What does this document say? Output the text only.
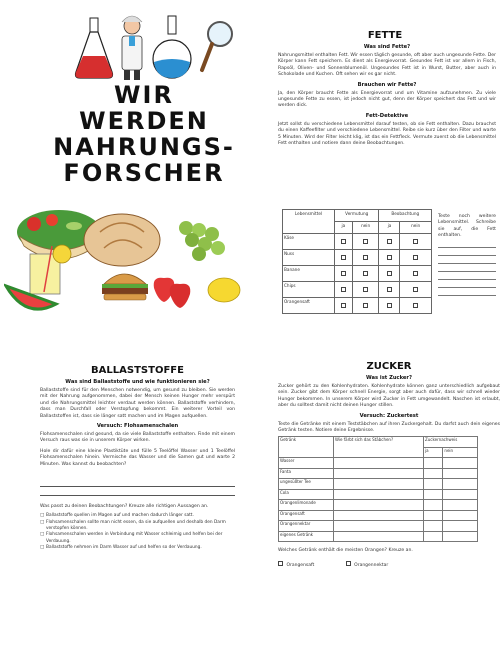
WIR
WERDEN
NAHRUNGS-
FORSCHER
FETTE
Was sind Fette?
Nahrungsmittel enthalten Fett. Wir essen täglich gesunde, oft aber auch ungesunde Fette. Der Körper kann Fett speichern. Es dient als Energievorrat. Gesundes Fett ist vor allem in Fisch, Rapsöl, Oliven- und Sonnenblumenöl. Ungesundes Fett ist in Wurst, Butter, aber auch in Schokolade und Kuchen. Oft sehen wir es gar nicht.
Brauchen wir Fette?
Ja, den Körper braucht Fette als Energievorrat und um Vitamine aufzunehmen. Zu viele ungesunde Fette zu essen, ist jedoch nicht gut, denn der Körper speichert das Fett und wir werden dick.
Fett-Detektive
Jetzt sollst du verschiedene Lebensmittel darauf testen, ob sie Fett enthalten. Dazu brauchst du einen Kaffeefilter und verschiedene Lebensmittel. Reibe sie kurz über den Filter und warte 5 Minuten. Wird der Filter leicht klig, ist das ein Fettfleck. Vermute zuerst ob die Lebensmittel Fett enthalten und notiere dann deine Beobachtungen.
Lebensmittel	Vermutung		Beobachtung	
	ja	nein	ja	nein
Käse				
Nuss				
Banane				
Chips				
Orangensaft				
Teste noch weitere Lebensmittel. Schreibe sie auf, die Fett enthalten.
BALLASTSTOFFE
Was sind Ballaststoffe und wie funktionieren sie?
Ballaststoffe sind für den Menschen notwendig, um gesund zu bleiben. Sie werden mit der Nahrung aufgenommen, dabei der Mensch keinen Hunger mehr verspürt und die Nahrungsmittel leichter verdaut werden können. Ballaststoffe verhindern, dass man Durchfall oder Verstopfung bekommt. Ein weiterer Vorteil von Ballaststoffen ist, dass sie länger satt machen und im Magen aufquellen.
Versuch: Flohsamenschalen
Flohsamenschalen sind gesund, da sie viele Ballaststoffe enthalten. Finde mit einem Versuch raus was sie in unserem Körper wirken.
Hole dir dafür eine kleine Plastiktüte und fülle 5 Teelöffel Wasser und 1 Teelöffel Flohsamenschalen hinein. Vermische das Wasser und die Samen gut und warte 2 Minuten. Was kannst du beobachten?
Was passt zu deinen Beobachtungen? Kreuze alle richtigen Aussagen an.
□ Ballaststoffe quellen im Magen auf und machen dadurch länger satt.
□ Flohsamenschalen sollte man nicht essen, da sie aufquellen und deshalb den Darm verstopfen können.
□ Flohsamenschalen werden in Verbindung mit Wasser schleimig und helfen bei der Verdauung.
□ Ballaststoffe nehmen im Darm Wasser auf und helfen so der Verdauung.
ZUCKER
Was ist Zucker?
Zucker gehört zu den Kohlenhydraten. Kohlenhydrate können ganz unterschiedlich aufgebaut sein. Zucker gibt dem Körper schnell Energie, sorgt aber auch dafür, dass wir schnell wieder Hunger bekommen. In unserem Körper wird Zucker in Fett umgewandelt. Naschen ist erlaubt, aber du solltest damit nicht deinen Hunger stillen.
Versuch: Zuckertest
Teste die Getränke mit einem Teststäbchen auf ihren Zuckergehalt. Du darfst auch dein eigenes Getränk testen. Notiere deine Ergebnisse.
Getränk	Wie färbt sich das Stäbchen?	Zuckernachweis	
		ja	nein
Wasser			
Fanta			
ungesüßter Tee			
Cola			
Orangenlimonade			
Orangensaft			
Orangennektar			
eigenes Getränk			
Welches Getränk enthält die meisten Orangen? Kreuze an.
Orangensaft	Orangennektar
